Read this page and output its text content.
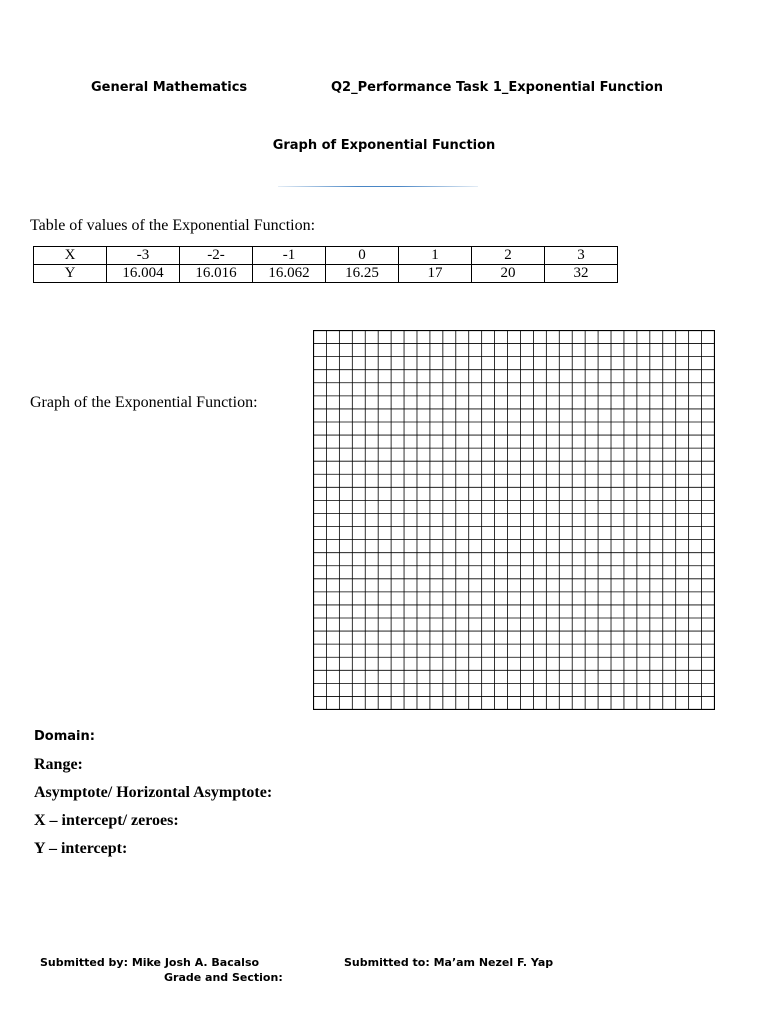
General Mathematics	Q2_Performance Task 1_Exponential Function
Graph of Exponential Function
Table of values of the Exponential Function:
X	-3	-2-	-1	0	1	2	3
Y	16.004	16.016	16.062	16.25	17	20	32
Graph of the Exponential Function:
Domain:
Range:
Asymptote/ Horizontal Asymptote:
X – intercept/ zeroes:
Y – intercept:
Submitted by: Mike Josh A. Bacalso
Grade and Section:
Submitted to: Ma’am Nezel F. Yap
